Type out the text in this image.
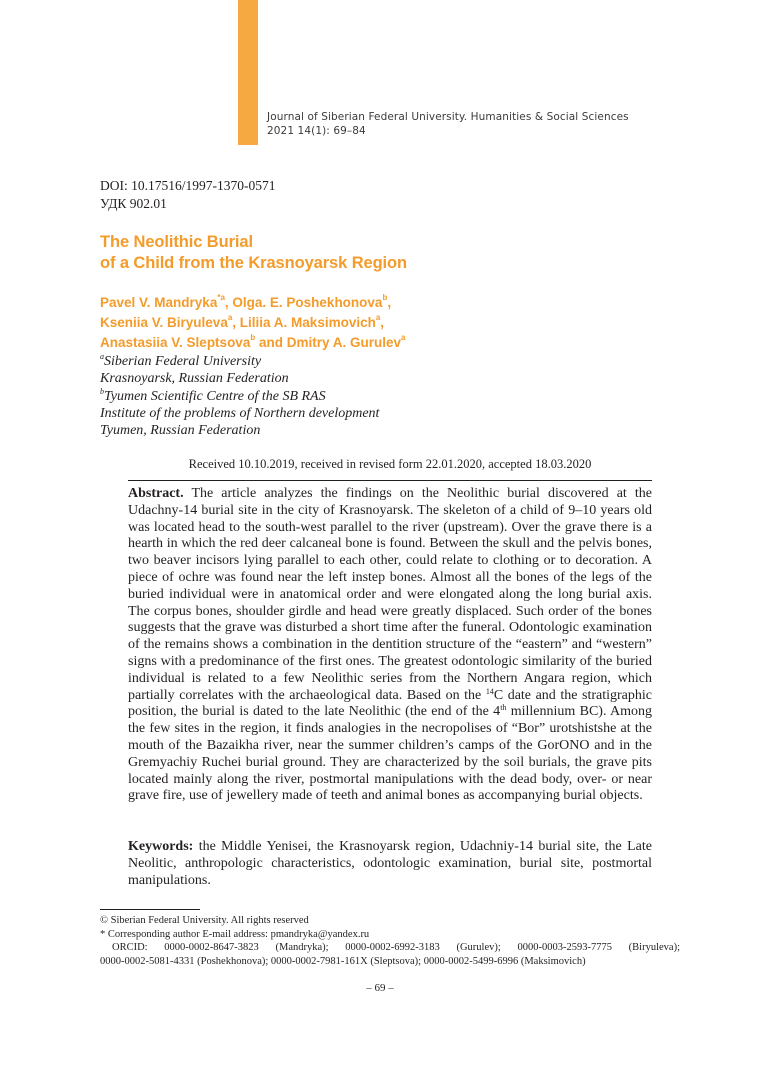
Journal of Siberian Federal University. Humanities & Social Sciences
2021 14(1): 69–84
DOI: 10.17516/1997-1370-0571
УДК 902.01
The Neolithic Burial
of a Child from the Krasnoyarsk Region
Pavel V. Mandryka$^{*a}$, Olga. E. Poshekhonova$^b$,
Kseniia V. Biryuleva$^a$, Liliia A. Maksimovich$^a$,
Anastasiia V. Sleptsova$^b$ and Dmitry A. Gurulev$^a$
$^a$Siberian Federal University
Krasnoyarsk, Russian Federation
$^b$Tyumen Scientific Centre of the SB RAS
Institute of the problems of Northern development
Tyumen, Russian Federation
Received 10.10.2019, received in revised form 22.01.2020, accepted 18.03.2020
Abstract. The article analyzes the findings on the Neolithic burial discovered at the Udachny-14 burial site in the city of Krasnoyarsk. The skeleton of a child of 9–10 years old was located head to the south-west parallel to the river (upstream). Over the grave there is a hearth in which the red deer calcaneal bone is found. Between the skull and the pelvis bones, two beaver incisors lying parallel to each other, could relate to clothing or to decoration. A piece of ochre was found near the left instep bones. Almost all the bones of the legs of the buried individual were in anatomical order and were elongated along the long burial axis. The corpus bones, shoulder girdle and head were greatly displaced. Such order of the bones suggests that the grave was disturbed a short time after the funeral. Odontologic examination of the remains shows a combination in the dentition structure of the “eastern” and “western” signs with a predominance of the first ones. The greatest odontologic similarity of the buried individual is related to a few Neolithic series from the Northern Angara region, which partially correlates with the archaeological data. Based on the $^{14}$C date and the stratigraphic position, the burial is dated to the late Neolithic (the end of the 4th millennium BC). Among the few sites in the region, it finds analogies in the necropolises of “Bor” urotshistshe at the mouth of the Bazaikha river, near the summer children’s camps of the GorONO and in the Gremyachiy Ruchei burial ground. They are characterized by the soil burials, the grave pits located mainly along the river, postmortal manipulations with the dead body, over- or near grave fire, use of jewellery made of teeth and animal bones as accompanying burial objects.
Keywords: the Middle Yenisei, the Krasnoyarsk region, Udachniy-14 burial site, the Late Neolitic, anthropologic characteristics, odontologic examination, burial site, postmortal manipulations.
© Siberian Federal University. All rights reserved
* Corresponding author E-mail address: pmandryka@yandex.ru
ORCID: 0000-0002-8647-3823 (Mandryka); 0000-0002-6992-3183 (Gurulev); 0000-0003-2593-7775 (Biryuleva);
0000-0002-5081-4331 (Poshekhonova); 0000-0002-7981-161X (Sleptsova); 0000-0002-5499-6996 (Maksimovich)
– 69 –
